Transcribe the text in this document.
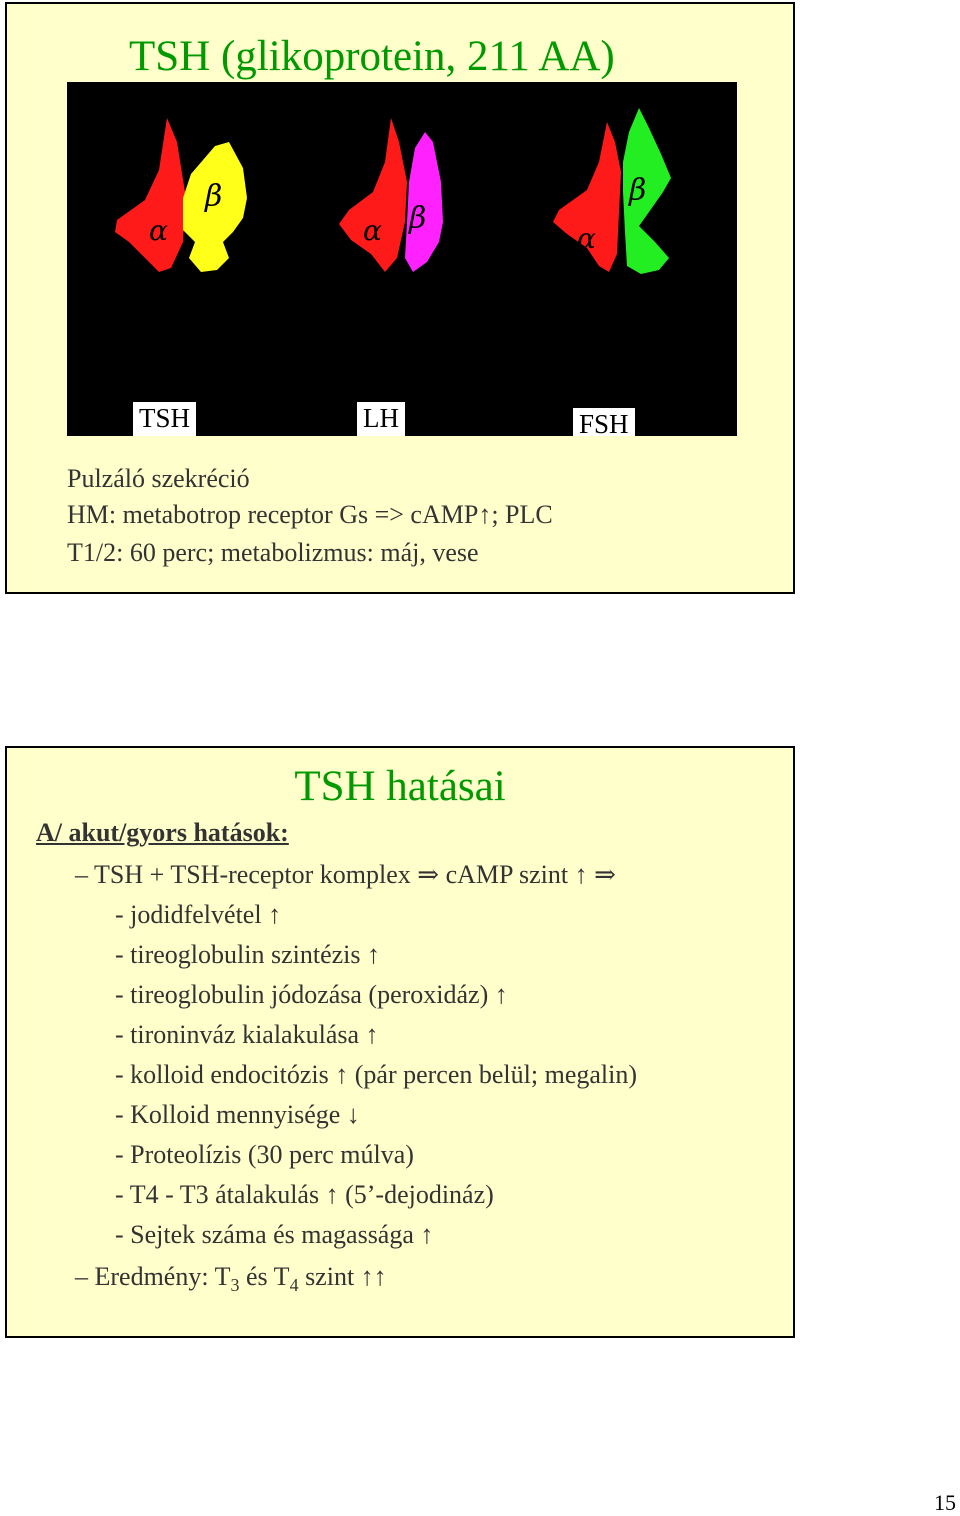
TSH (glikoprotein, 211 AA)
α
β
α β
α
β
TSH	LH	FSH
Pulzáló szekréció
HM: metabotrop receptor Gs => cAMP↑; PLC
T1/2: 60 perc; metabolizmus: máj, vese
TSH hatásai
A/ akut/gyors hatások:
– TSH + TSH-receptor komplex ⇒ cAMP szint ↑ ⇒
- jodidfelvétel ↑
- tireoglobulin szintézis ↑
- tireoglobulin jódozása (peroxidáz) ↑
- tironinváz kialakulása ↑
- kolloid endocitózis ↑ (pár percen belül; megalin)
- Kolloid mennyisége ↓
- Proteolízis (30 perc múlva)
- T4 - T3 átalakulás ↑ (5’-dejodináz)
- Sejtek száma és magassága ↑
– Eredmény: $T_3$ és $T_4$ szint ↑↑
15
